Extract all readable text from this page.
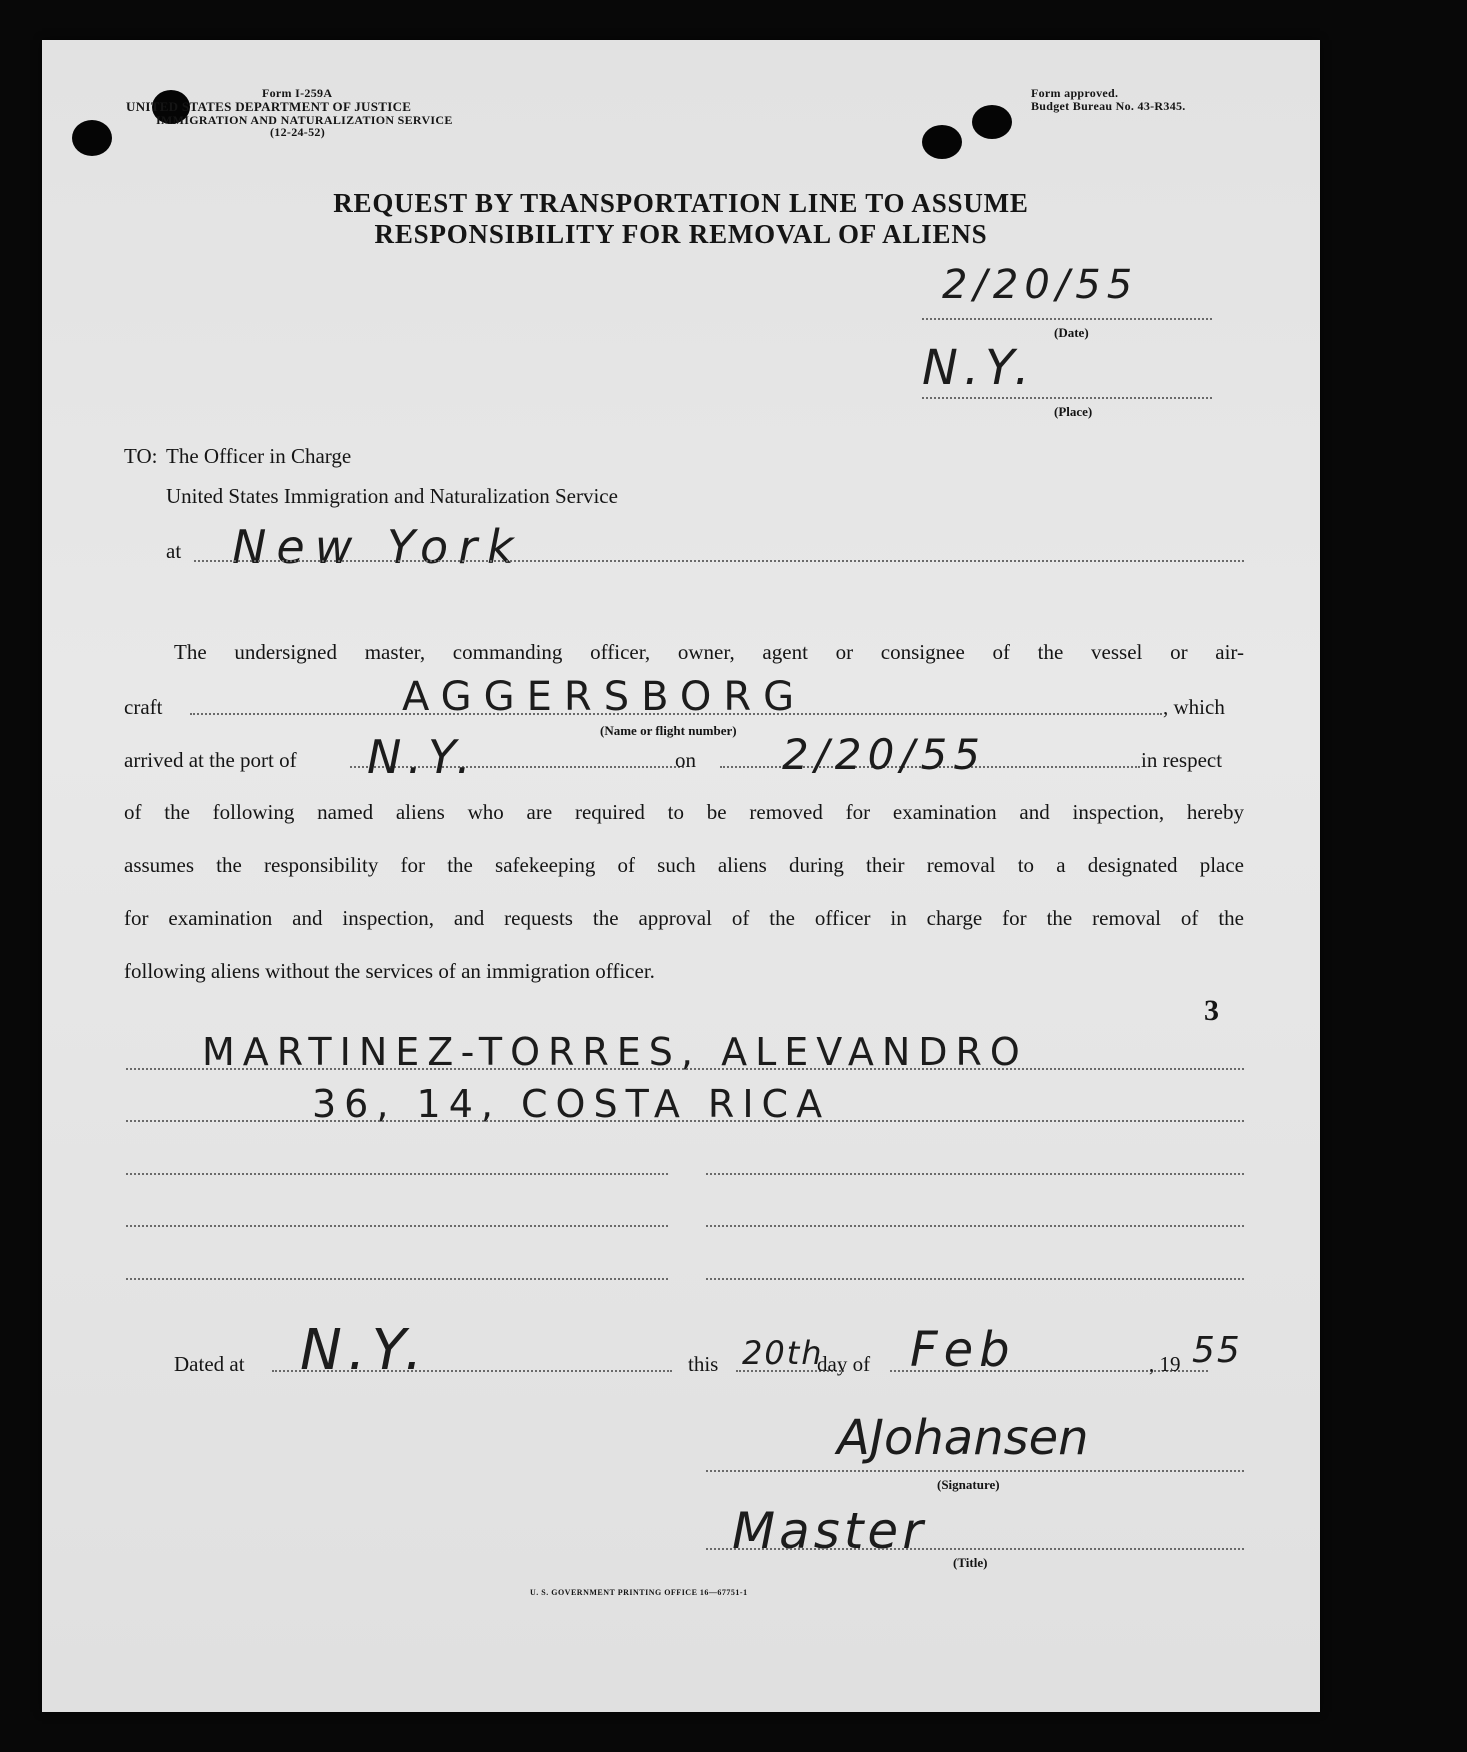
Form I-259A
UNITED STATES DEPARTMENT OF JUSTICE
IMMIGRATION AND NATURALIZATION SERVICE
(12-24-52)
Form approved.
Budget Bureau No. 43-R345.
REQUEST BY TRANSPORTATION LINE TO ASSUME
RESPONSIBILITY FOR REMOVAL OF ALIENS
2/20/55
(Date)
N.Y.
(Place)
TO: The Officer in Charge
United States Immigration and Naturalization Service
at New York
The undersigned master, commanding officer, owner, agent or consignee of the vessel or air-
craft	AGGERSBORG	, which
(Name or flight number)
arrived at the port of N.Y.	on 2/20/55	in respect
of the following named aliens who are required to be removed for examination and inspection, hereby
assumes the responsibility for the safekeeping of such aliens during their removal to a designated place
for examination and inspection, and requests the approval of the officer in charge for the removal of the
following aliens without the services of an immigration officer.
3
MARTINEZ-TORRES, ALEVANDRO
36, 14, COSTA RICA
Dated at N.Y.	this 20th
day of Feb	, 19 55
AJohansen
(Signature)
Master
(Title)
U. S. GOVERNMENT PRINTING OFFICE 16—67751-1
